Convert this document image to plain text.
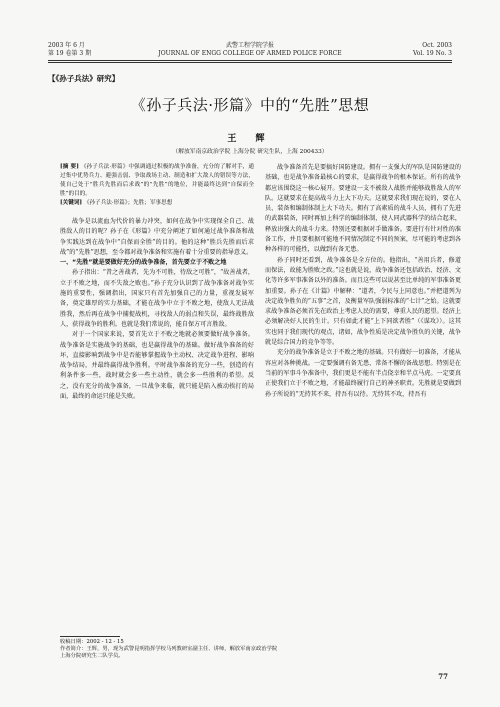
2003 年 6 月
第 19 卷第 3 期
武警工程学院学报
JOURNAL OF ENGG COLLEGE OF ARMED POLICE FORCE
Oct. 2003
Vol. 19 No. 3
【《孙子兵法》研究】
《孙子兵法·形篇》中的“先胜”思想
王 辉
（解放军南京政治学院 上海分院 研究生队，上海 200433）
[摘 要] 《孙子兵法·形篇》中强调通过积极的战争准备，充分的了解对手，通过集中优势兵力、避强击弱、争取战场主动、制造和扩大敌人的错误等方法，使自己处于“胜兵先胜而后求战”的“先胜”的地位，并能最终达到“自保而全胜”的目的。
[关键词] 《孙子兵法·形篇》；先胜；军事思想

战争是以流血为代价的暴力冲突，如何在战争中实现保全自己、战胜敌人的目的呢？孙子在《形篇》中充分阐述了如何通过战争准备和战争实践达到在战争中“自保而全胜”的目的。他的这种“胜兵先胜而后求战”的“先胜”思想，至今都对战争准备和实施有着十分重要的指导意义。

一、“先胜”就是要做好充分的战争准备，首先要立于不败之地

孙子指出：“昔之善战者，先为不可胜，待敌之可胜”，“故善战者，立于不败之地，而不失敌之败也。”孙子充分认识到了战争准备对战争实施的重要性，强调指出，国家只有首先加强自己的力量，重视发展军备，奠定雄厚的实力基础，才能在战争中立于不败之地，使敌人无法战胜我，然后再在战争中捕捉战机，寻找敌人的弱点和失误，最终战胜敌人，获得战争的胜利。也就是我们常说的，能自保方可言胜敌。

对于一个国家来说，要首先立于不败之地就必须要做好战争准备。战争准备是实施战争的基础，也是赢得战争的基础。做好战争准备的好坏，直接影响到战争中是否能够掌握战争主动权、决定战争进程、影响战争结局，并最终赢得战争胜利。平时战争准备的充分一些，创造的有利条件多一些，战时就会多一些主动性，就会多一些胜利的希望。反之，没有充分的战争准备，一旦战争来临，就只能是陷入被动挨打的局面，最终的命运只能是失败。

战争准备首先是要搞好国防建设。拥有一支强大的军队是国防建设的基础，也是战争准备最核心的要求，是赢得战争的根本保证。所有的战争都应该围绕这一核心展开。要建设一支不被敌人战胜并能够战胜敌人的军队。这就要求在提高战斗力上大下功夫。这就要求我们现在说的，要在人员、装备和编制体制上大下功夫。拥有了高素质的战斗人员，拥有了先进的武器装备，同时再加上科学的编制体制，使人同武器科学的结合起来，释放出强大的战斗力来。特别还要根据对手做准备。要进行有针对性的准备工作，并且要根据可能地不同情况制定不同的预案，尽可能的考虑到各种各样的可能性，以做到有备无患。

孙子同时还看到，战争准备是全方位的。他指出，“善用兵者，修道而保法，故能为胜败之政。”这也就是说，战争准备还包括政治、经济、文化等许多军事准备以外的准备。而且这些可以说甚至比单纯的军事准备更加重要。孙子在《计篇》中解释：“道者，令民与上同意也。”并把道列为决定战争胜负的“五事”之首，及衡量军队强弱标准的“七计”之始。这就要求战争准备必须首先在政治上考虑人民的需要，尊重人民的愿望。经济上必须解决好人民的生计。只有如此才能“上下同欲者胜”（《谋攻》）。这其实也同于我们现代的观点，诸如，战争性质是决定战争胜负的关键，战争就是综合国力的竞争等等。

充分的战争准备是立于不败之地的基础。只有做好一切准备，才能从容应对各种挑战。一定要强调有备无患，常备不懈的备战思想。特别是在当前的军事斗争准备中，我们更是不能有半点侥幸和半点马虎。一定要真正使我们立于不败之地，才能最终履行自己的神圣职责。先胜就是要做到孙子所说的“无持其不来，持吾有以待。无恃其不攻，持吾有

收稿日期：2002 - 12 - 15
作者简介：王辉，男，现为武警昆明指挥学校马列教研室副主任、讲师，解放军南京政治学院上海分院研究生二队学员。
77
